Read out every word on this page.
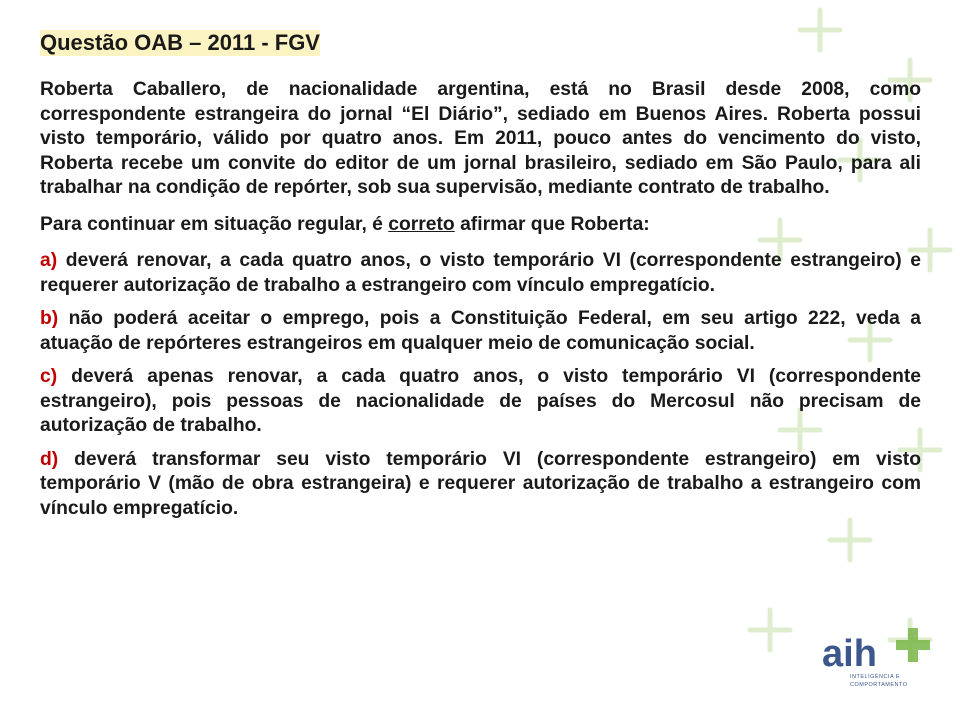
Questão OAB – 2011 - FGV

Roberta Caballero, de nacionalidade argentina, está no Brasil desde 2008, como correspondente estrangeira do jornal “El Diário”, sediado em Buenos Aires. Roberta possui visto temporário, válido por quatro anos. Em 2011, pouco antes do vencimento do visto, Roberta recebe um convite do editor de um jornal brasileiro, sediado em São Paulo, para ali trabalhar na condição de repórter, sob sua supervisão, mediante contrato de trabalho.

Para continuar em situação regular, é correto afirmar que Roberta:

a) deverá renovar, a cada quatro anos, o visto temporário VI (correspondente estrangeiro) e requerer autorização de trabalho a estrangeiro com vínculo empregatício.

b) não poderá aceitar o emprego, pois a Constituição Federal, em seu artigo 222, veda a atuação de repórteres estrangeiros em qualquer meio de comunicação social.

c) deverá apenas renovar, a cada quatro anos, o visto temporário VI (correspondente estrangeiro), pois pessoas de nacionalidade de países do Mercosul não precisam de autorização de trabalho.

d) deverá transformar seu visto temporário VI (correspondente estrangeiro) em visto temporário V (mão de obra estrangeira) e requerer autorização de trabalho a estrangeiro com vínculo empregatício.

aih
INTELIGÊNCIA E
COMPORTAMENTO
